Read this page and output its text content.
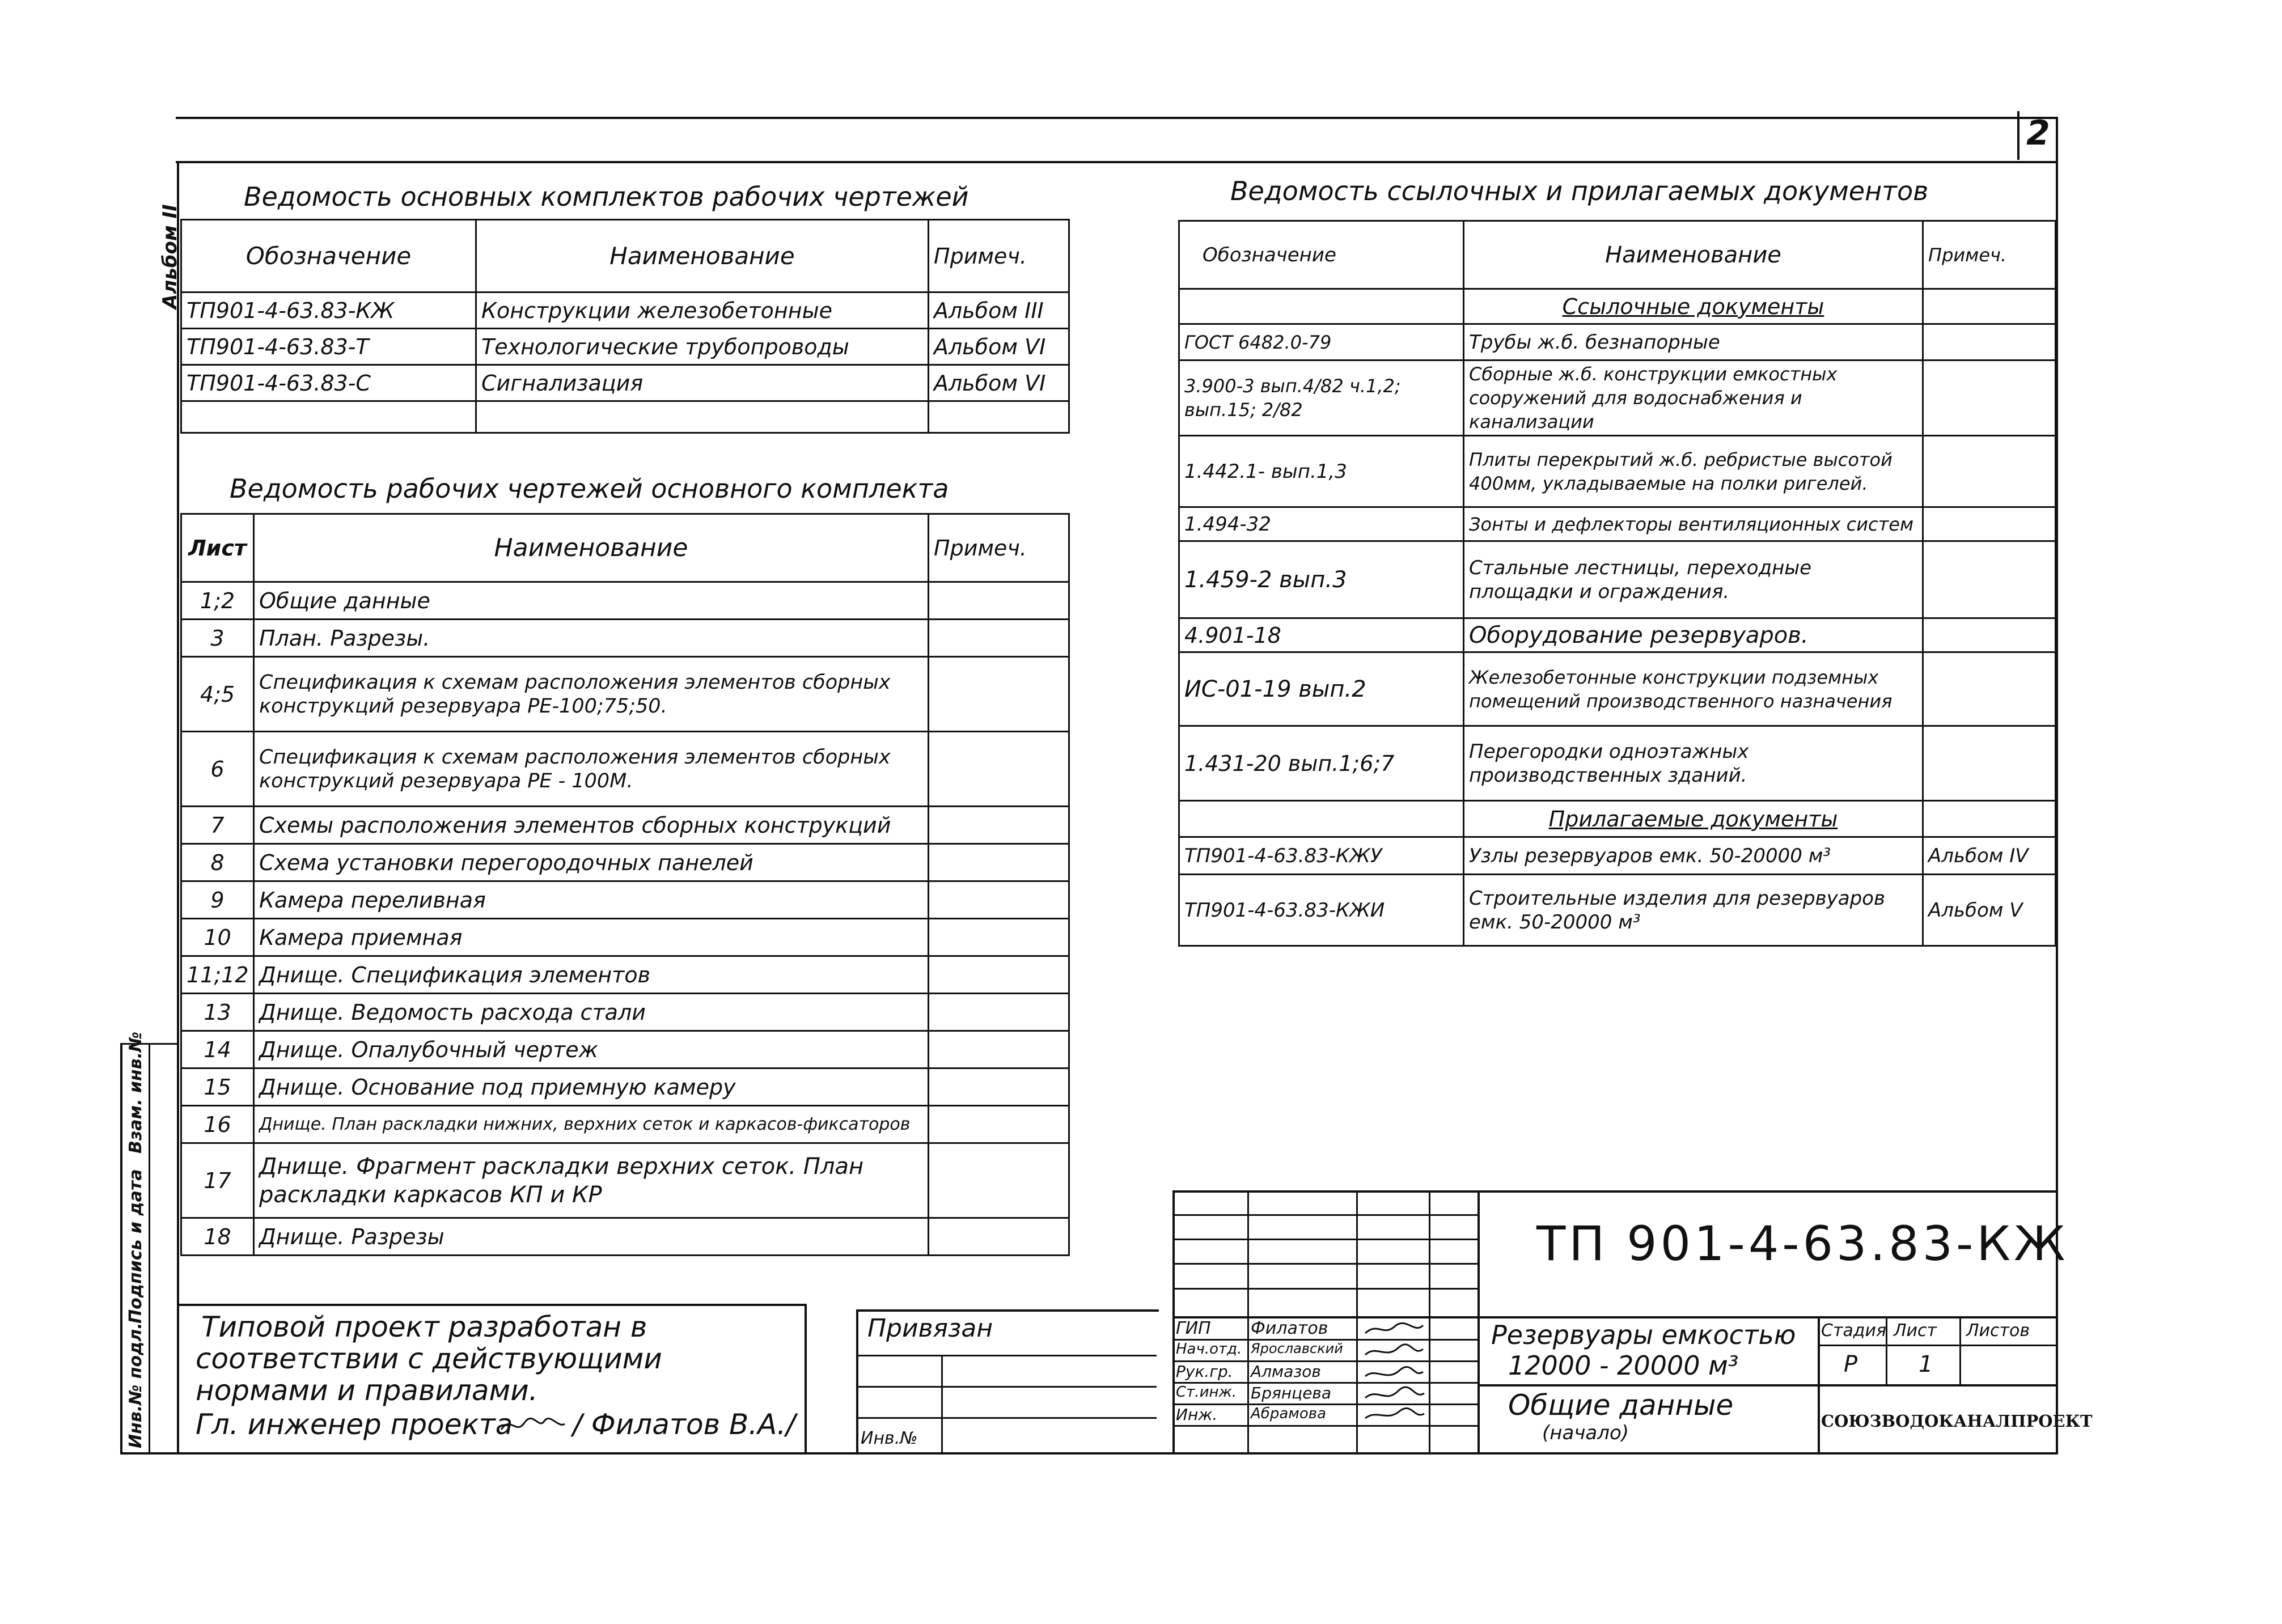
2
Альбом II
Инв.№ подл.
Подпись и дата
Взам. инв.№
Ведомость основных комплектов рабочих чертежей
Обозначение	Наименование	Примеч.
ТП901-4-63.83-КЖ	Конструкции железобетонные	Альбом III
ТП901-4-63.83-Т	Технологические трубопроводы	Альбом VI
ТП901-4-63.83-С	Сигнализация	Альбом VI

Ведомость рабочих чертежей основного комплекта
Лист	Наименование	Примеч.
1;2	Общие данные	
3	План. Разрезы.	
4;5	Спецификация к схемам расположения элементов сборных конструкций резервуара РЕ-100;75;50.	
6	Спецификация к схемам расположения элементов сборных конструкций резервуара РЕ - 100М.	
7	Схемы расположения элементов сборных конструкций	
8	Схема установки перегородочных панелей	
9	Камера переливная	
10	Камера приемная	
11;12	Днище. Спецификация элементов	
13	Днище. Ведомость расхода стали	
14	Днище. Опалубочный чертеж	
15	Днище. Основание под приемную камеру	
16	Днище. План раскладки нижних, верхних сеток и каркасов-фиксаторов	
17	Днище. Фрагмент раскладки верхних сеток. План раскладки каркасов КП и КР	
18	Днище. Разрезы	
Ведомость ссылочных и прилагаемых документов
Обозначение	Наименование	Примеч.
	Ссылочные документы	
ГОСТ 6482.0-79	Трубы ж.б. безнапорные	
3.900-3 вып.4/82 ч.1,2; вып.15; 2/82	Сборные ж.б. конструкции емкостных сооружений для водоснабжения и канализации	
1.442.1- вып.1,3	Плиты перекрытий ж.б. ребристые высотой 400мм, укладываемые на полки ригелей.	
1.494-32	Зонты и дефлекторы вентиляционных систем	
1.459-2 вып.3	Стальные лестницы, переходные площадки и ограждения.	
4.901-18	Оборудование резервуаров.	
ИС-01-19 вып.2	Железобетонные конструкции подземных помещений производственного назначения	
1.431-20 вып.1;6;7	Перегородки одноэтажных производственных зданий.	
	Прилагаемые документы	
ТП901-4-63.83-КЖУ	Узлы резервуаров емк. 50-20000 м³	Альбом IV
ТП901-4-63.83-КЖИ	Строительные изделия для резервуаров емк. 50-20000 м³	Альбом V
Типовой проект разработан в
соответствии с действующими
нормами и правилами.
Гл. инженер проекта / Филатов В.А./
Привязан
Инв.№
ТП 901-4-63.83-КЖ
ГИП Филатов
Нач.отд. Ярославский
Рук.гр. Алмазов
Ст.инж. Брянцева
Инж. Абрамова
Резервуары емкостью
12000 - 20000 м³
Общие данные
(начало)
Стадия Лист Листов
Р	1
СОЮЗВОДОКАНАЛПРОЕКТ
